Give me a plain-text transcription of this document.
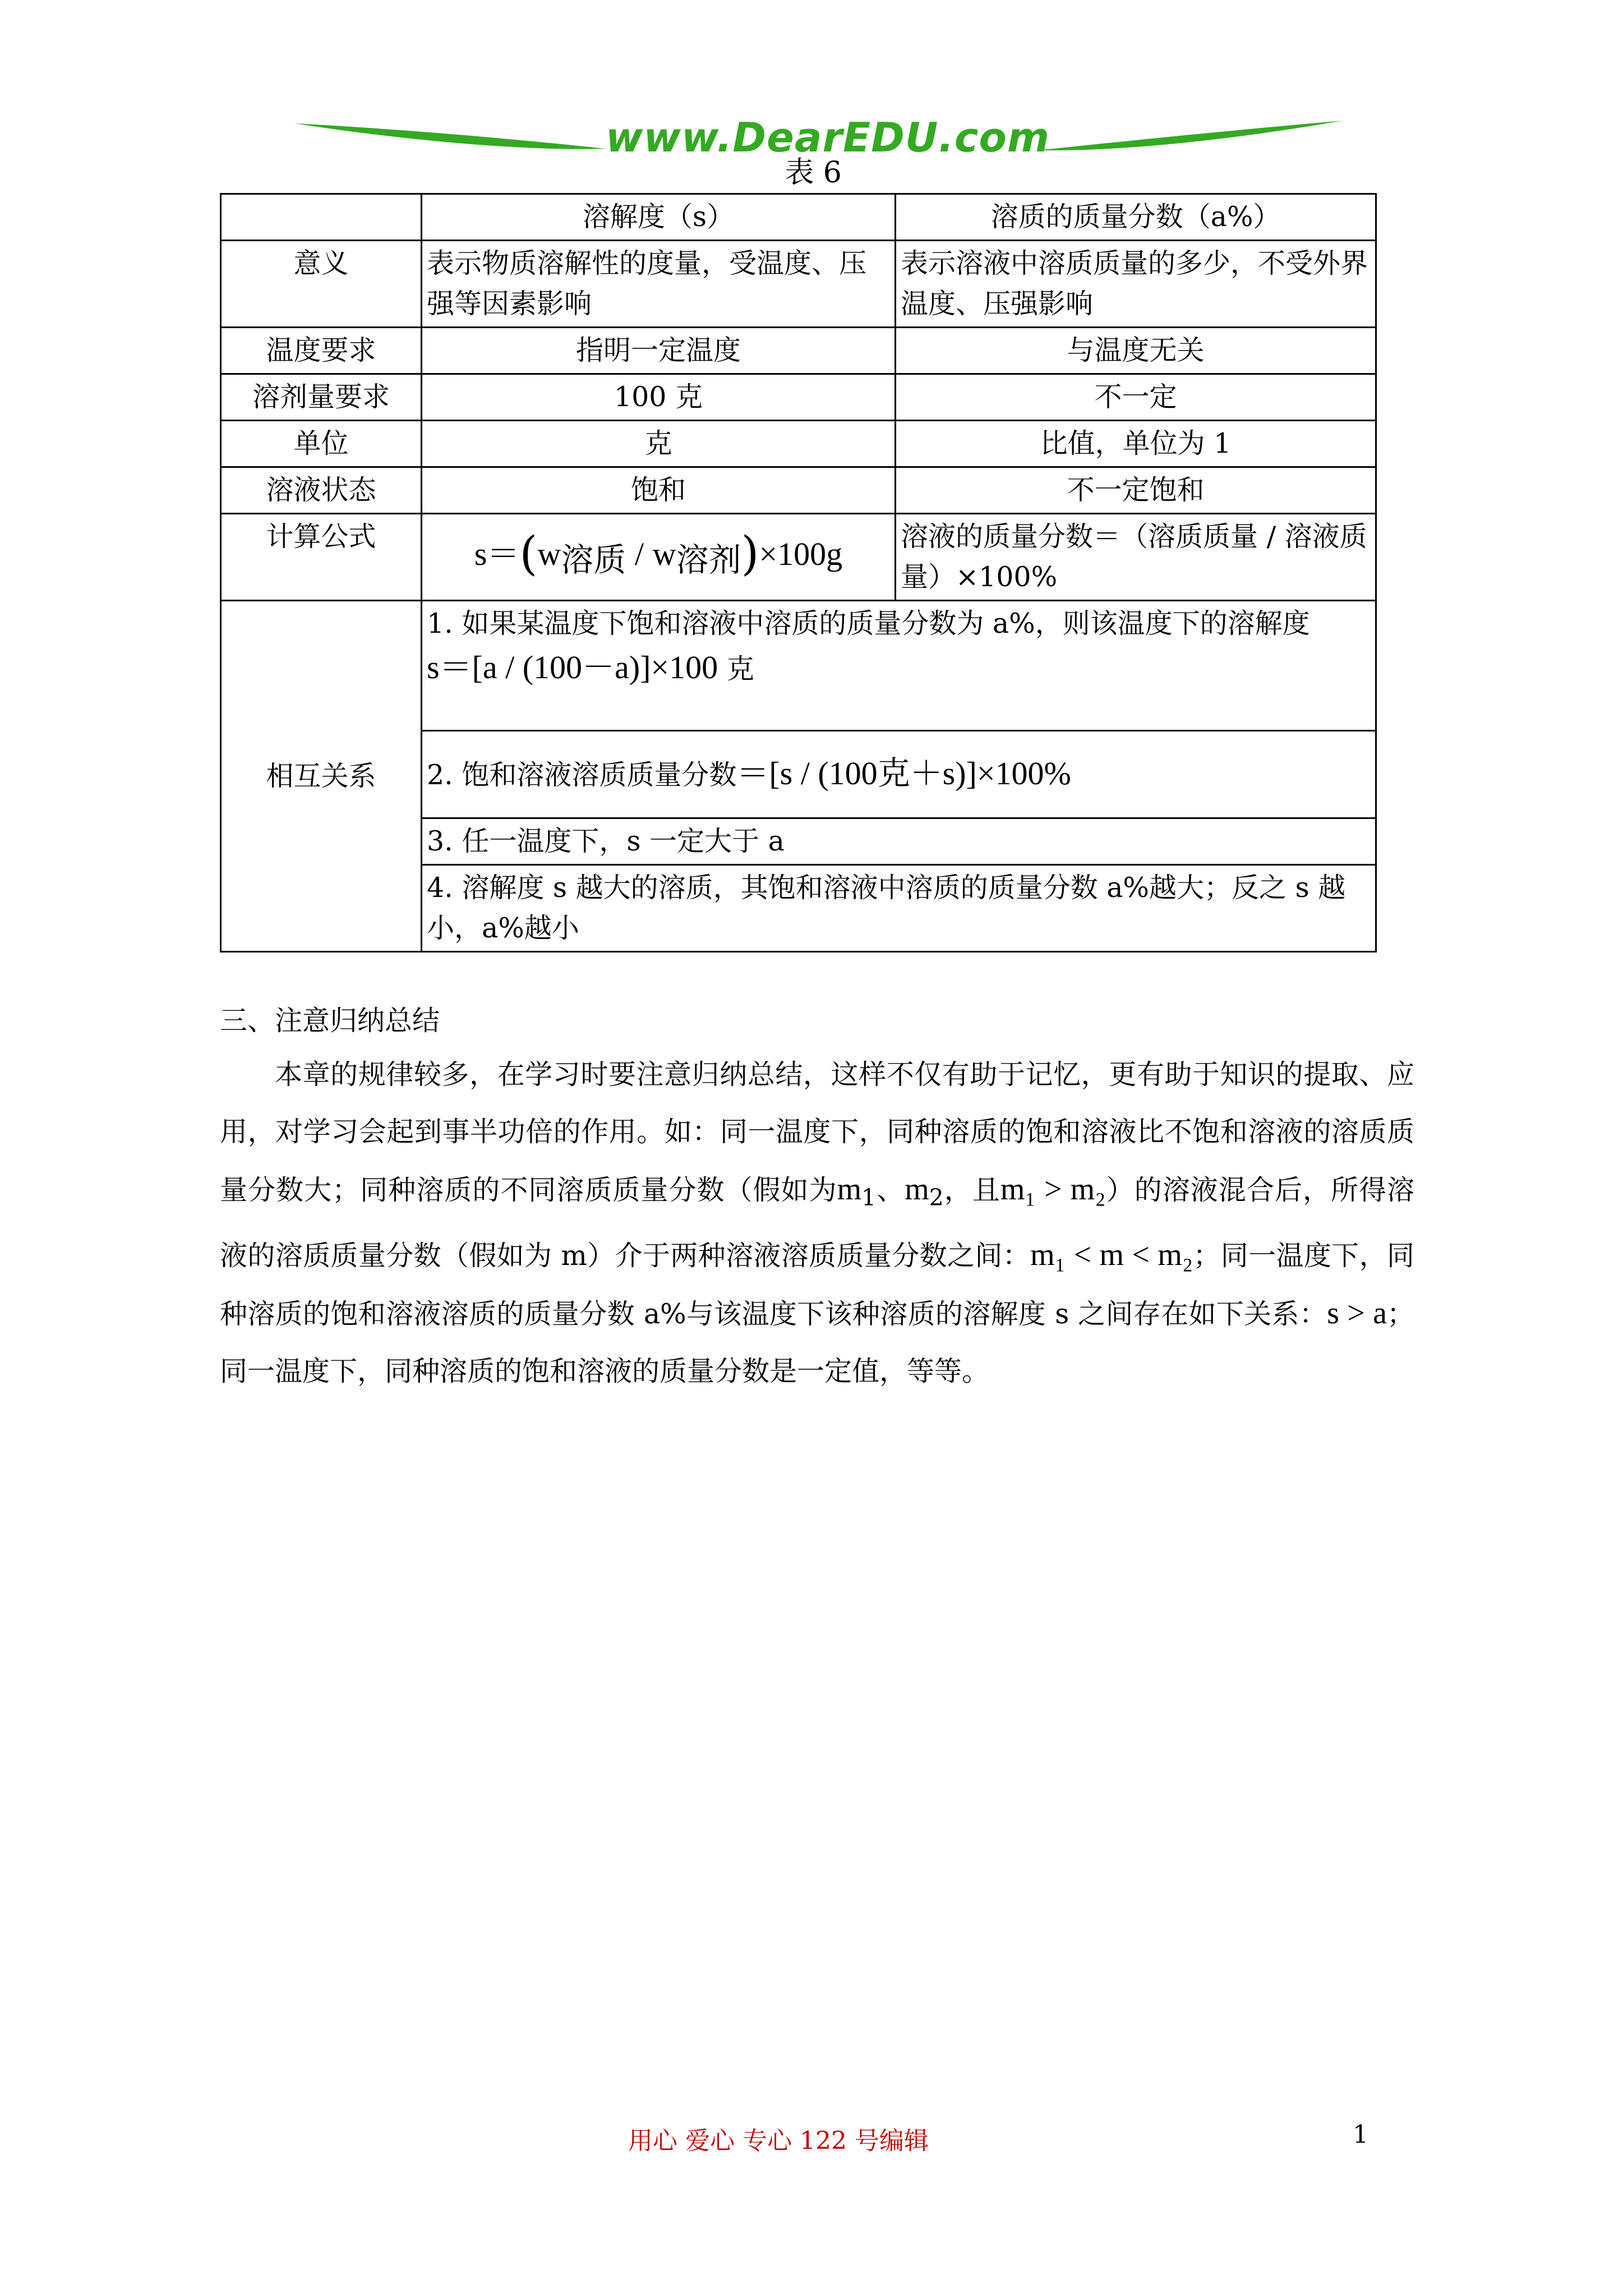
www.DearEDU.com
表 6
	溶解度（s）	溶质的质量分数（a%）
意义	表示物质溶解性的度量，受温度、压强等因素影响	表示溶液中溶质质量的多少，不受外界温度、压强影响
温度要求	指明一定温度	与温度无关
溶剂量要求	100 克	不一定
单位	克	比值，单位为 1
溶液状态	饱和	不一定饱和
计算公式	$s=(w_{溶质} / w_{溶剂})\times 100g$	溶液的质量分数＝（溶质质量 / 溶液质量）×100%
相互关系	1. 如果某温度下饱和溶液中溶质的质量分数为 a%，则该温度下的溶解度
s＝[a / (100－a)]×100 克	

	2. 饱和溶液溶质质量分数＝[s / (100克＋s)]×100%	
	3. 任一温度下，s 一定大于 a	
	4. 溶解度 s 越大的溶质，其饱和溶液中溶质的质量分数 a%越大；反之 s 越小，a%越小	

三、注意归纳总结

本章的规律较多，在学习时要注意归纳总结，这样不仅有助于记忆，更有助于知识的提取、应用，对学习会起到事半功倍的作用。如：同一温度下，同种溶质的饱和溶液比不饱和溶液的溶质质量分数大；同种溶质的不同溶质质量分数（假如为$m_1$、$m_2$，且m₁ > m₂）的溶液混合后，所得溶液的溶质质量分数（假如为 m）介于两种溶液溶质质量分数之间：m₁ < m < m₂；同一温度下，同种溶质的饱和溶液溶质的质量分数 a%与该温度下该种溶质的溶解度 s 之间存在如下关系：s > a；同一温度下，同种溶质的饱和溶液的质量分数是一定值，等等。

用心 爱心 专心 122 号编辑	1
